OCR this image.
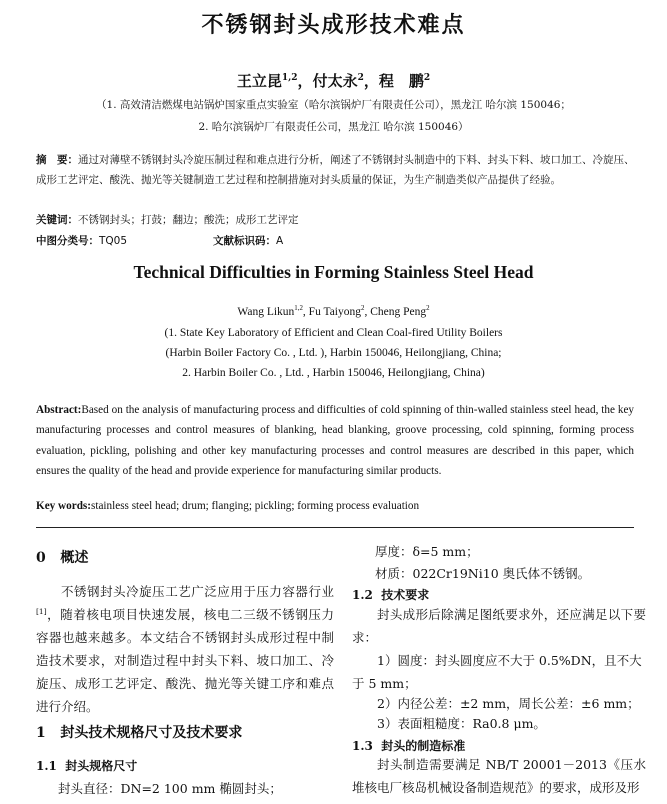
不锈钢封头成形技术难点
王立昆$^{1,2}$，付太永$^2$，程　鹏$^2$
（1. 高效清洁燃煤电站锅炉国家重点实验室（哈尔滨锅炉厂有限责任公司），黑龙江 哈尔滨 150046；
2. 哈尔滨锅炉厂有限责任公司，黑龙江 哈尔滨 150046）
摘　要：通过对薄壁不锈钢封头冷旋压制过程和难点进行分析，阐述了不锈钢封头制造中的下料、封头下料、坡口加工、冷旋压、成形工艺评定、酸洗、抛光等关键制造工艺过程和控制措施对封头质量的保证，为生产制造类似产品提供了经验。
关键词：不锈钢封头；打鼓；翻边；酸洗；成形工艺评定
中图分类号：TQ05	文献标识码：A
Technical Difficulties in Forming Stainless Steel Head
Wang Likun$^{1,2}$, Fu Taiyong$^2$, Cheng Peng$^2$
(1. State Key Laboratory of Efficient and Clean Coal-fired Utility Boilers
(Harbin Boiler Factory Co. , Ltd. ), Harbin 150046, Heilongjiang, China;
2. Harbin Boiler Co. , Ltd. , Harbin 150046, Heilongjiang, China)
Abstract:Based on the analysis of manufacturing process and difficulties of cold spinning of thin-walled stainless steel head, the key manufacturing processes and control measures of blanking, head blanking, groove processing, cold spinning, forming process evaluation, pickling, polishing and other key manufacturing processes and control measures are described in this paper, which ensures the quality of the head and provide experience for manufacturing similar products.
Key words:stainless steel head; drum; flanging; pickling; forming process evaluation
0 概述
不锈钢封头冷旋压工艺广泛应用于压力容器行业[1]，随着核电项目快速发展，核电二三级不锈钢压力容器也越来越多。本文结合不锈钢封头成形过程中制造技术要求，对制造过程中封头下料、坡口加工、冷旋压、成形工艺评定、酸洗、抛光等关键工序和难点进行介绍。
1 封头技术规格尺寸及技术要求
1.1 封头规格尺寸
封头直径：DN=2 100 mm 椭圆封头；
厚度：δ=5 mm；
材质：022Cr19Ni10 奥氏体不锈钢。
1.2 技术要求
封头成形后除满足图纸要求外，还应满足以下要求：
1）圆度：封头圆度应不大于 0.5%DN，且不大于 5 mm；
2）内径公差：±2 mm，周长公差：±6 mm；
3）表面粗糙度：Ra0.8 μm。
1.3 封头的制造标准
封头制造需要满足 NB/T 20001－2013《压水堆核电厂核岛机械设备制造规范》的要求，成形及形
